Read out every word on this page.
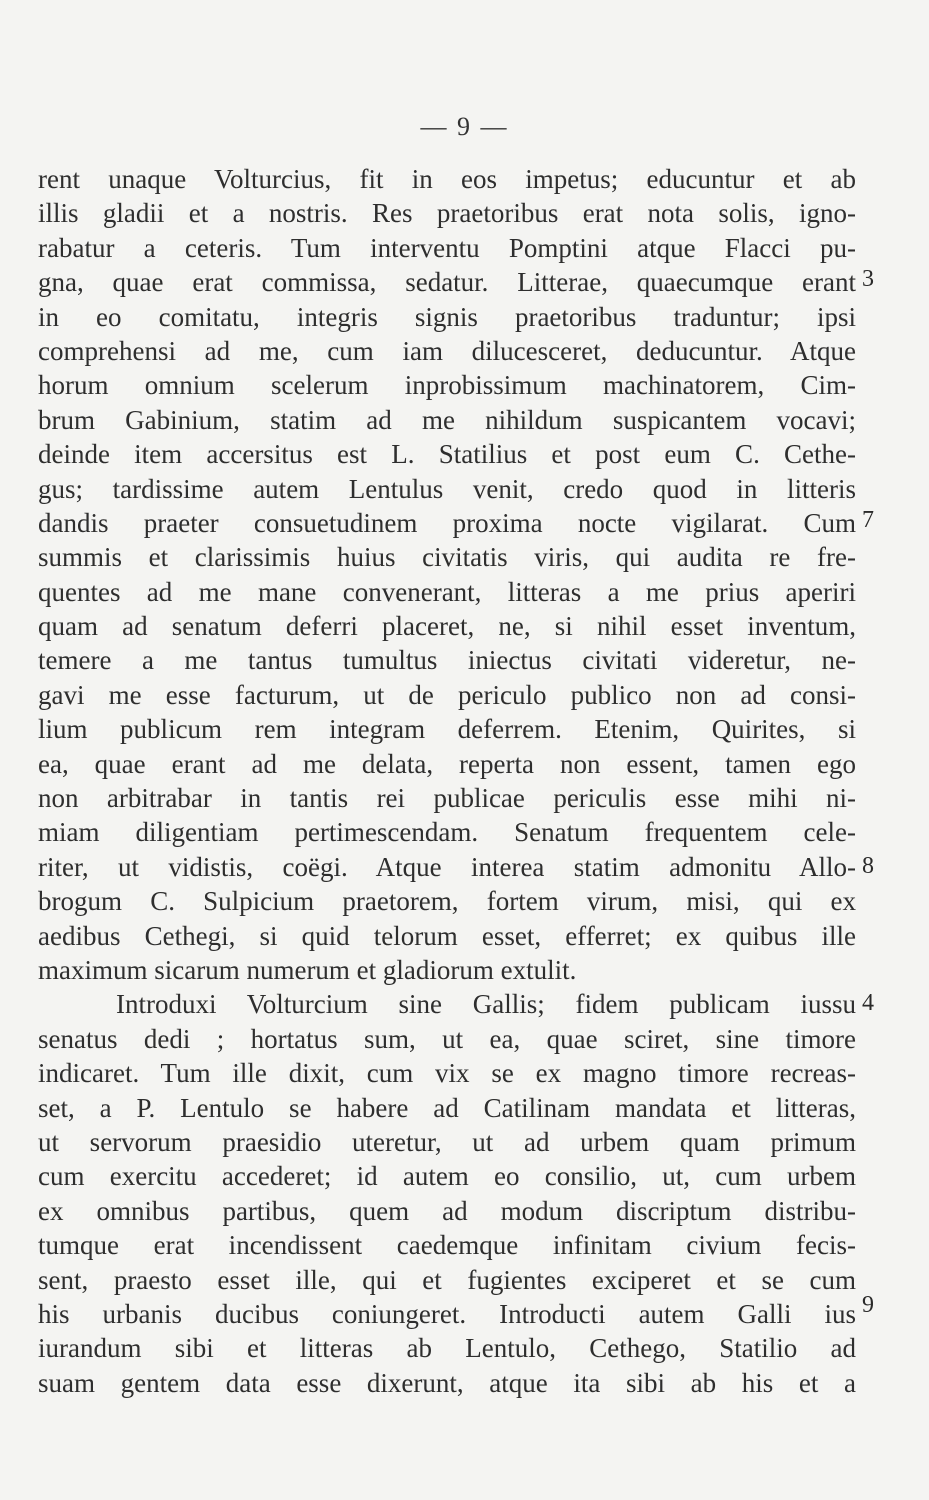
— 9 —
rent unaque Volturcius, fit in eos impetus; educuntur et ab
illis gladii et a nostris. Res praetoribus erat nota solis, igno-
rabatur a ceteris. Tum interventu Pomptini atque Flacci pu-
gna, quae erat commissa, sedatur. Litterae, quaecumque erant
in eo comitatu, integris signis praetoribus traduntur; ipsi
comprehensi ad me, cum iam dilucesceret, deducuntur. Atque
horum omnium scelerum inprobissimum machinatorem, Cim-
brum Gabinium, statim ad me nihildum suspicantem vocavi;
deinde item accersitus est L. Statilius et post eum C. Cethe-
gus; tardissime autem Lentulus venit, credo quod in litteris
dandis praeter consuetudinem proxima nocte vigilarat. Cum
summis et clarissimis huius civitatis viris, qui audita re fre-
quentes ad me mane convenerant, litteras a me prius aperiri
quam ad senatum deferri placeret, ne, si nihil esset inventum,
temere a me tantus tumultus iniectus civitati videretur, ne-
gavi me esse facturum, ut de periculo publico non ad consi-
lium publicum rem integram deferrem. Etenim, Quirites, si
ea, quae erant ad me delata, reperta non essent, tamen ego
non arbitrabar in tantis rei publicae periculis esse mihi ni-
miam diligentiam pertimescendam. Senatum frequentem cele-
riter, ut vidistis, coëgi. Atque interea statim admonitu Allo-
brogum C. Sulpicium praetorem, fortem virum, misi, qui ex
aedibus Cethegi, si quid telorum esset, efferret; ex quibus ille
maximum sicarum numerum et gladiorum extulit.
Introduxi Volturcium sine Gallis; fidem publicam iussu
senatus dedi ; hortatus sum, ut ea, quae sciret, sine timore
indicaret. Tum ille dixit, cum vix se ex magno timore recreas-
set, a P. Lentulo se habere ad Catilinam mandata et litteras,
ut servorum praesidio uteretur, ut ad urbem quam primum
cum exercitu accederet; id autem eo consilio, ut, cum urbem
ex omnibus partibus, quem ad modum discriptum distribu-
tumque erat incendissent caedemque infinitam civium fecis-
sent, praesto esset ille, qui et fugientes exciperet et se cum
his urbanis ducibus coniungeret. Introducti autem Galli ius
iurandum sibi et litteras ab Lentulo, Cethego, Statilio ad
suam gentem data esse dixerunt, atque ita sibi ab his et a
3
7
8
4
9
